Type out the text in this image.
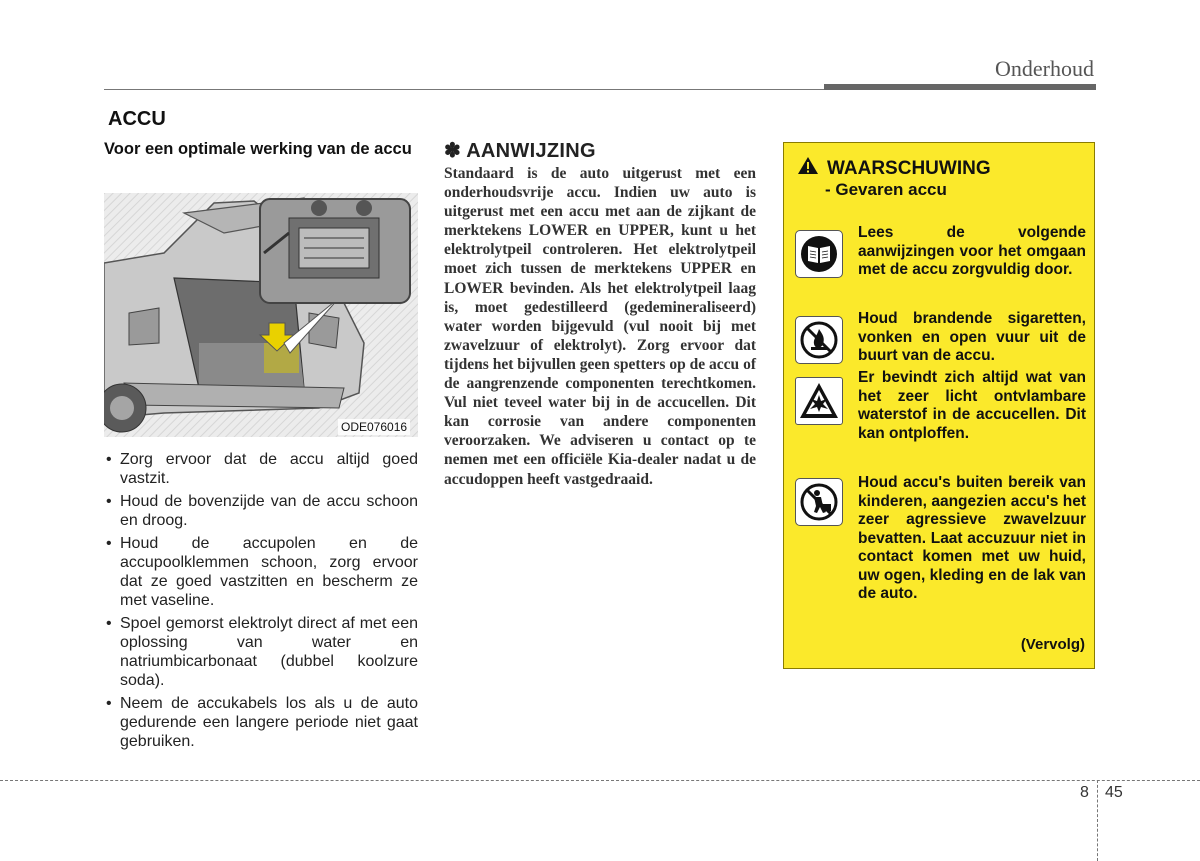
Onderhoud
ACCU
Voor een optimale werking van de accu
ODE076016
• Zorg ervoor dat de accu altijd goed vastzit.
• Houd de bovenzijde van de accu schoon en droog.
• Houd de accupolen en de accupoolklemmen schoon, zorg ervoor dat ze goed vastzitten en bescherm ze met vaseline.
• Spoel gemorst elektrolyt direct af met een oplossing van water en natriumbicarbonaat (dubbel koolzure soda).
• Neem de accukabels los als u de auto gedurende een langere periode niet gaat gebruiken.
✽ AANWIJZING
Standaard is de auto uitgerust met een onderhoudsvrije accu. Indien uw auto is uitgerust met een accu met aan de zijkant de merktekens LOWER en UPPER, kunt u het elektrolytpeil controleren. Het elektrolytpeil moet zich tussen de merktekens UPPER en LOWER bevinden. Als het elektrolytpeil laag is, moet gedestilleerd (gedemineraliseerd) water worden bijgevuld (vul nooit bij met zwavelzuur of elektrolyt). Zorg ervoor dat tijdens het bijvullen geen spetters op de accu of de aangrenzende componenten terechtkomen. Vul niet teveel water bij in de accucellen. Dit kan corrosie van andere componenten veroorzaken. We adviseren u contact op te nemen met een officiële Kia-dealer nadat u de accudoppen heeft vastgedraaid.
WAARSCHUWING
- Gevaren accu
Lees de volgende aanwijzingen voor het omgaan met de accu zorgvuldig door.
Houd brandende sigaretten, vonken en open vuur uit de buurt van de accu.
Er bevindt zich altijd wat van het zeer licht ontvlambare waterstof in de accucellen. Dit kan ontploffen.
Houd accu's buiten bereik van kinderen, aangezien accu's het zeer agressieve zwavelzuur bevatten. Laat accuzuur niet in contact komen met uw huid, uw ogen, kleding en de lak van de auto.
(Vervolg)
8 45
